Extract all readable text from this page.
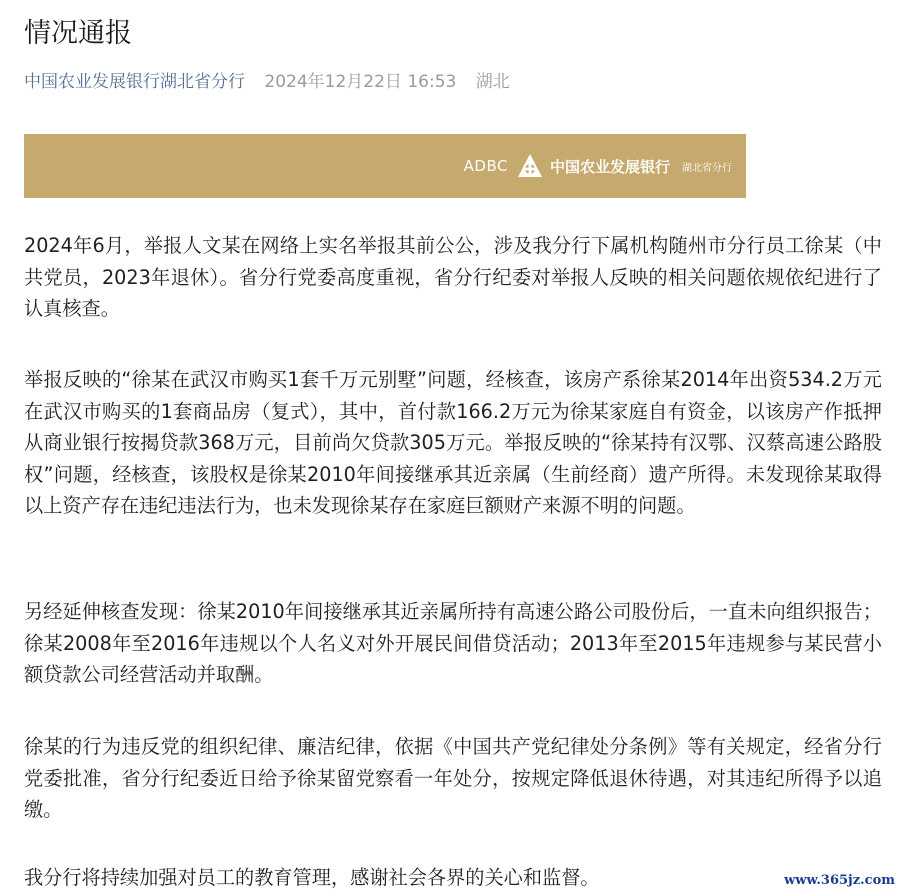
情况通报
中国农业发展银行湖北省分行 2024年12月22日 16:53 湖北
ADBC	中国农业发展银行 湖北省分行

2024年6月，举报人文某在网络上实名举报其前公公，涉及我分行下属机构随州市分行员工徐某（中共党员，2023年退休）。省分行党委高度重视，省分行纪委对举报人反映的相关问题依规依纪进行了认真核查。

举报反映的“徐某在武汉市购买1套千万元别墅”问题，经核查，该房产系徐某2014年出资534.2万元在武汉市购买的1套商品房（复式），其中，首付款166.2万元为徐某家庭自有资金，以该房产作抵押从商业银行按揭贷款368万元，目前尚欠贷款305万元。举报反映的“徐某持有汉鄂、汉蔡高速公路股权”问题，经核查，该股权是徐某2010年间接继承其近亲属（生前经商）遗产所得。未发现徐某取得以上资产存在违纪违法行为，也未发现徐某存在家庭巨额财产来源不明的问题。

另经延伸核查发现：徐某2010年间接继承其近亲属所持有高速公路公司股份后，一直未向组织报告；徐某2008年至2016年违规以个人名义对外开展民间借贷活动；2013年至2015年违规参与某民营小额贷款公司经营活动并取酬。

徐某的行为违反党的组织纪律、廉洁纪律，依据《中国共产党纪律处分条例》等有关规定，经省分行党委批准，省分行纪委近日给予徐某留党察看一年处分，按规定降低退休待遇，对其违纪所得予以追缴。

我分行将持续加强对员工的教育管理，感谢社会各界的关心和监督。	www.365jz.com
